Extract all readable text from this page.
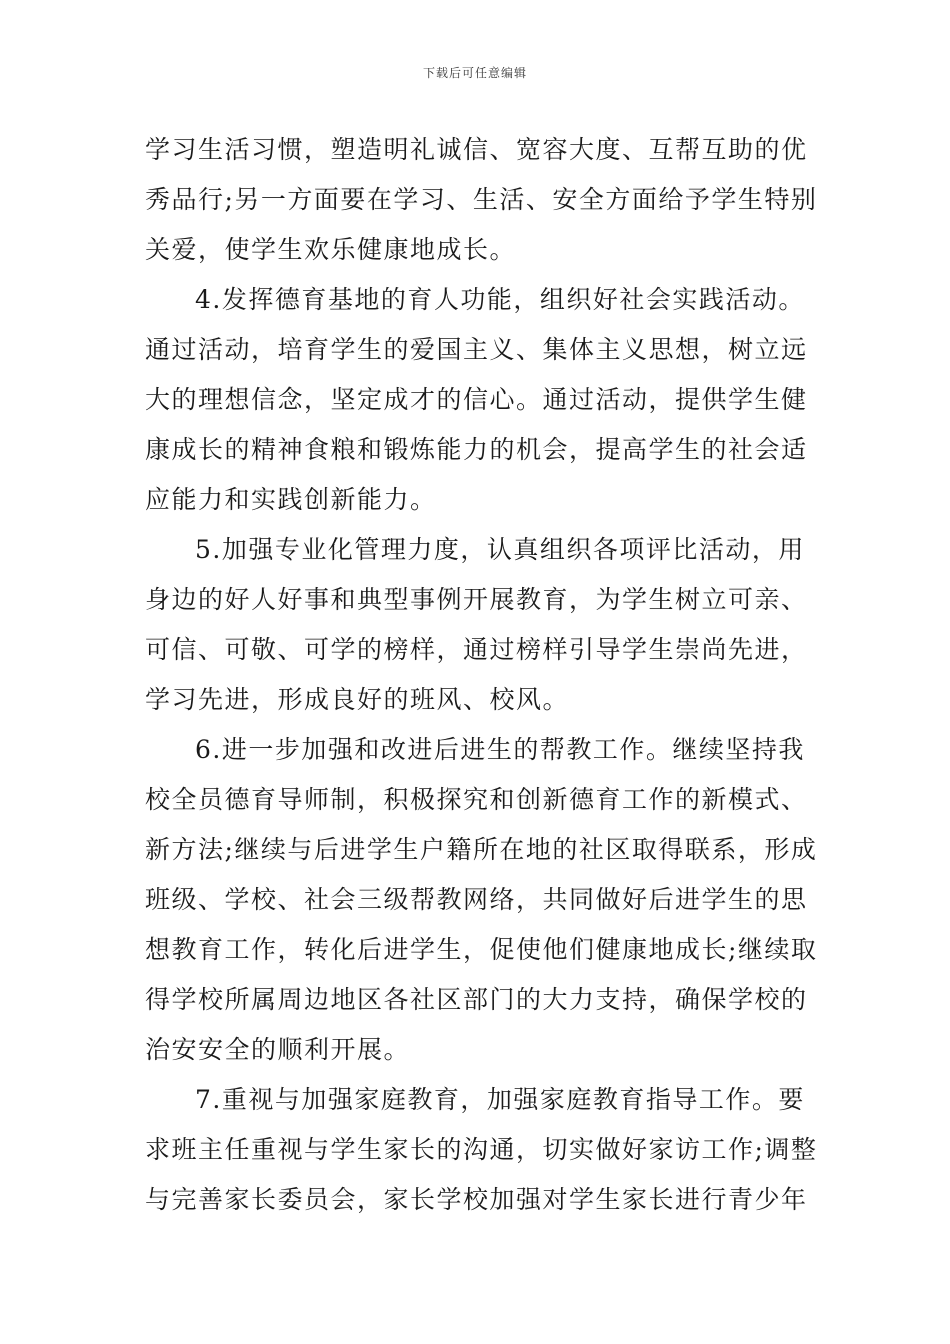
下载后可任意编辑
学习生活习惯，塑造明礼诚信、宽容大度、互帮互助的优
秀品行;另一方面要在学习、生活、安全方面给予学生特别
关爱，使学生欢乐健康地成长。
4.发挥德育基地的育人功能，组织好社会实践活动。
通过活动，培育学生的爱国主义、集体主义思想，树立远
大的理想信念，坚定成才的信心。通过活动，提供学生健
康成长的精神食粮和锻炼能力的机会，提高学生的社会适
应能力和实践创新能力。
5.加强专业化管理力度，认真组织各项评比活动，用
身边的好人好事和典型事例开展教育，为学生树立可亲、
可信、可敬、可学的榜样，通过榜样引导学生崇尚先进，
学习先进，形成良好的班风、校风。
6.进一步加强和改进后进生的帮教工作。继续坚持我
校全员德育导师制，积极探究和创新德育工作的新模式、
新方法;继续与后进学生户籍所在地的社区取得联系，形成
班级、学校、社会三级帮教网络，共同做好后进学生的思
想教育工作，转化后进学生，促使他们健康地成长;继续取
得学校所属周边地区各社区部门的大力支持，确保学校的
治安安全的顺利开展。
7.重视与加强家庭教育，加强家庭教育指导工作。要
求班主任重视与学生家长的沟通，切实做好家访工作;调整
与完善家长委员会，家长学校加强对学生家长进行青少年
